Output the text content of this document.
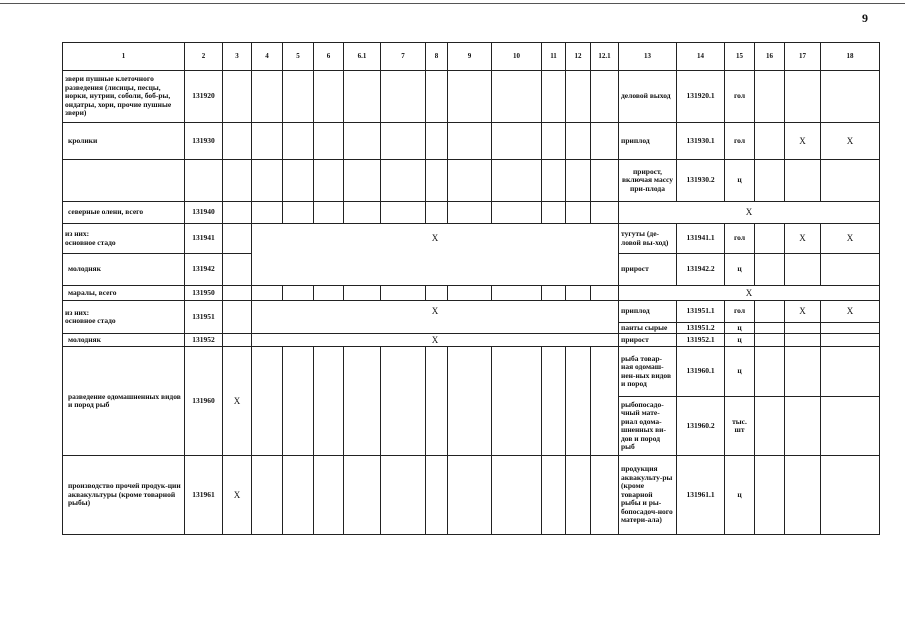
9
1	2	3	4	5	6	6.1	7	8	9	10	11	12	12.1	13	14	15	16	17	18
звери пушные клеточного разведения (лисицы, песцы, норки, нутрии, соболи, боб-ры, ондатры, хори, прочие пушные звери)	131920													деловой выход	131920.1	гол			
кролики	131930													приплод	131930.1	гол		X	X
														прирост, включая массу при-плода	131930.2	ц			
северные олени, всего	131940													X					
из них:
основное стадо	131941		X											тугуты (де-ловой вы-ход)	131941.1	гол		X	X
молодняк	131942													прирост	131942.2	ц			
маралы, всего	131950													X					
из них:
основное стадо	131951		X											приплод	131951.1	гол		X	X
														панты сырые	131951.2	ц			
молодняк	131952		X											прирост	131952.1	ц			
разведение одомашненных видов и пород рыб	131960	X												рыба товар-ная одомаш-нен-ных видов и пород	131960.1	ц			
														рыбопосадо-чный мате-риал одома-шненных ви-дов и пород рыб	131960.2	тыс. шт			
производство прочей продук-ции аквакультуры (кроме товарной рыбы)	131961	X												продукция аквакульту-ры (кроме товарной рыбы и ры-бопосадоч-ного матери-ала)	131961.1	ц			
